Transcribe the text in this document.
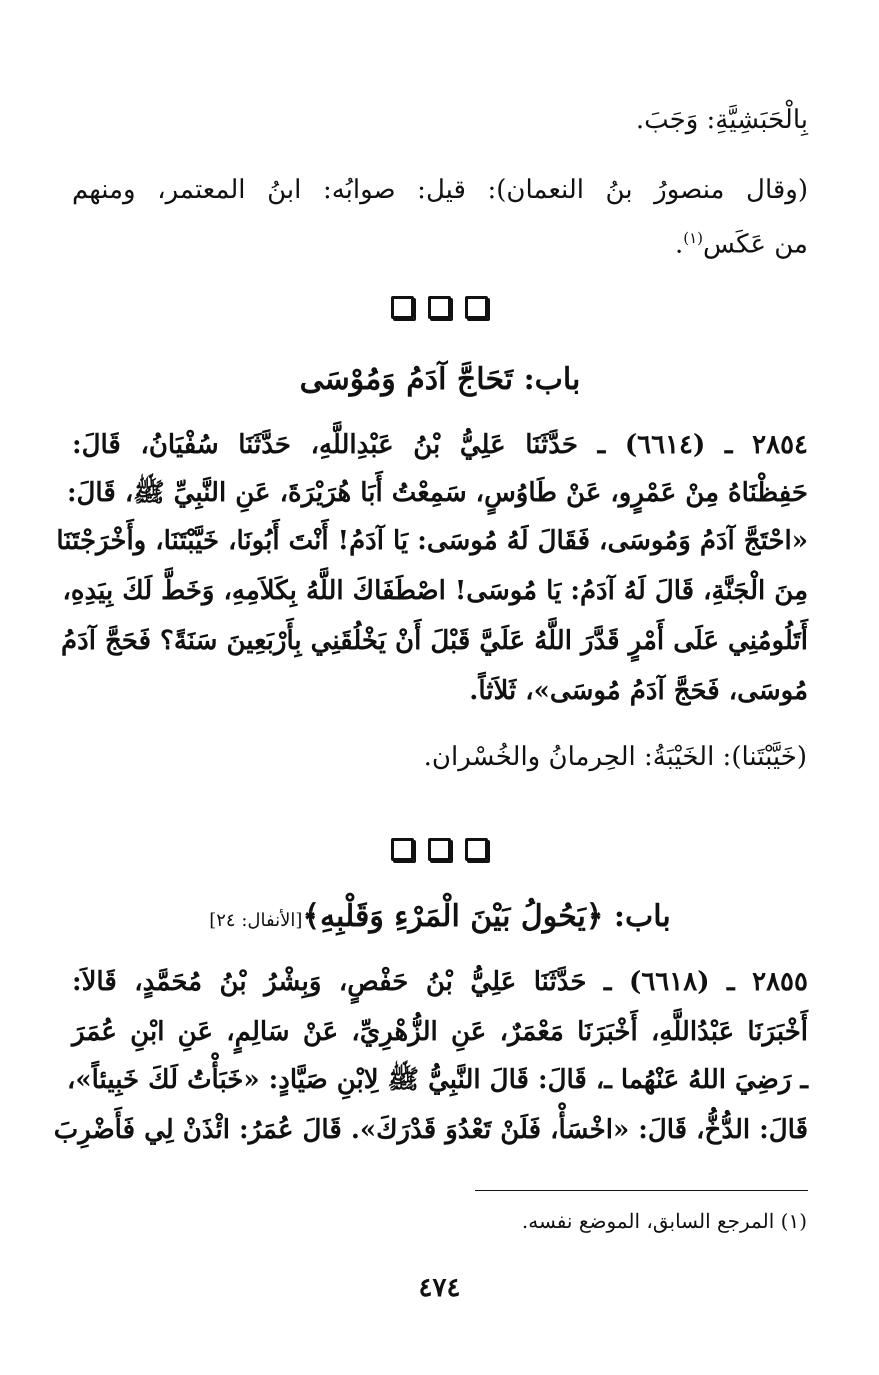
بِالْحَبَشِيَّةِ: وَجَبَ.
(وقال منصورُ بنُ النعمان): قيل: صوابُه: ابنُ المعتمر، ومنهم
من عَكَس$^{(١)}$.
باب: تَحَاجَّ آدَمُ وَمُوْسَى
٢٨٥٤ ـ (٦٦١٤) ـ حَدَّثَنَا عَلِيُّ بْنُ عَبْدِاللَّهِ، حَدَّثَنَا سُفْيَانُ، قَالَ:
حَفِظْنَاهُ مِنْ عَمْرٍو، عَنْ طَاوُسٍ، سَمِعْتُ أَبَا هُرَيْرَةَ، عَنِ النَّبِيِّ ﷺ، قَالَ:
«احْتَجَّ آدَمُ وَمُوسَى، فَقَالَ لَهُ مُوسَى: يَا آدَمُ! أَنْتَ أَبُونَا، خَيَّبْتَنَا، وأَخْرَجْتَنَا
مِنَ الْجَنَّةِ، قَالَ لَهُ آدَمُ: يَا مُوسَى! اصْطَفَاكَ اللَّهُ بِكَلاَمِهِ، وَخَطَّ لَكَ بِيَدِهِ،
أَتَلُومُنِي عَلَى أَمْرٍ قَدَّرَ اللَّهُ عَلَيَّ قَبْلَ أَنْ يَخْلُقَنِي بِأَرْبَعِينَ سَنَةً؟ فَحَجَّ آدَمُ
مُوسَى، فَحَجَّ آدَمُ مُوسَى»، ثَلاَثاً.
(خَيَّبْتَنا): الخَيْبَةُ: الحِرمانُ والخُسْران.
باب: ﴿يَحُولُ بَيْنَ الْمَرْءِ وَقَلْبِهِ﴾[الأنفال: ٢٤]
٢٨٥٥ ـ (٦٦١٨) ـ حَدَّثَنَا عَلِيُّ بْنُ حَفْصٍ، وَبِشْرُ بْنُ مُحَمَّدٍ، قَالاَ:
أَخْبَرَنَا عَبْدُاللَّهِ، أَخْبَرَنَا مَعْمَرٌ، عَنِ الزُّهْرِيِّ، عَنْ سَالِمٍ، عَنِ ابْنِ عُمَرَ
ـ رَضِيَ اللهُ عَنْهُما ـ، قَالَ: قَالَ النَّبِيُّ ﷺ لِابْنِ صَيَّادٍ: «خَبَأْتُ لَكَ خَبِيئاً»،
قَالَ: الدُّخُّ، قَالَ: «اخْسَأْ، فَلَنْ تَعْدُوَ قَدْرَكَ». قَالَ عُمَرُ: ائْذَنْ لِي فَأَضْرِبَ
(١) المرجع السابق، الموضع نفسه.
٤٧٤
